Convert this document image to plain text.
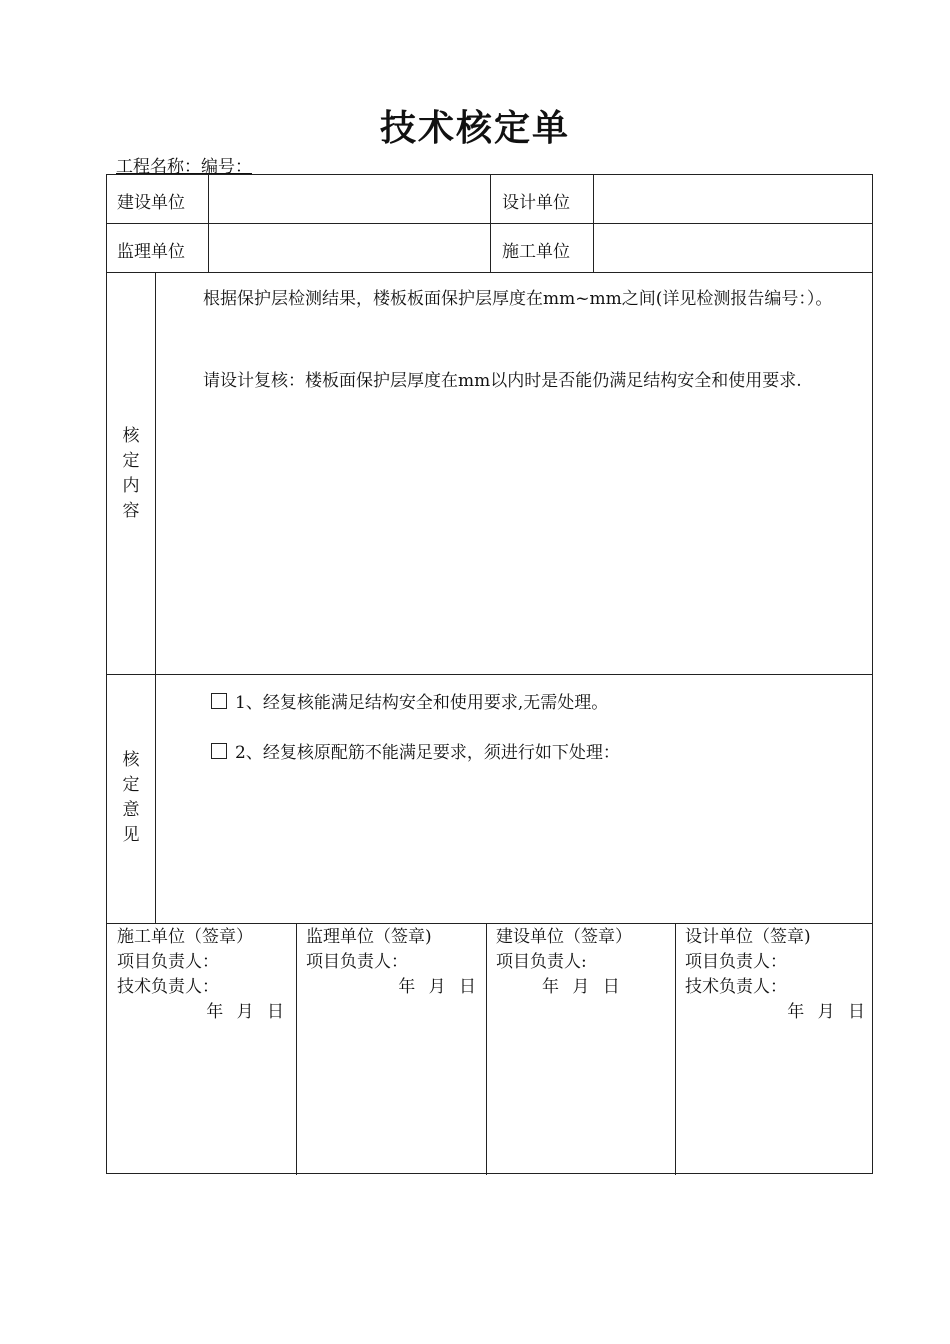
技术核定单
工程名称：编号：
建设单位	设计单位
监理单位	施工单位
核
定
内
容
根据保护层检测结果，楼板板面保护层厚度在mm~mm之间(详见检测报告编号：）。
请设计复核：楼板面保护层厚度在mm以内时是否能仍满足结构安全和使用要求.
核
定
意
见
1、经复核能满足结构安全和使用要求,无需处理。
2、经复核原配筋不能满足要求，须进行如下处理：
施工单位（签章）
项目负责人：
技术负责人：
年 月 日
监理单位（签章)
项目负责人：
年 月 日
建设单位（签章）
项目负责人:
年 月 日
设计单位（签章)
项目负责人：
技术负责人：
年 月 日
